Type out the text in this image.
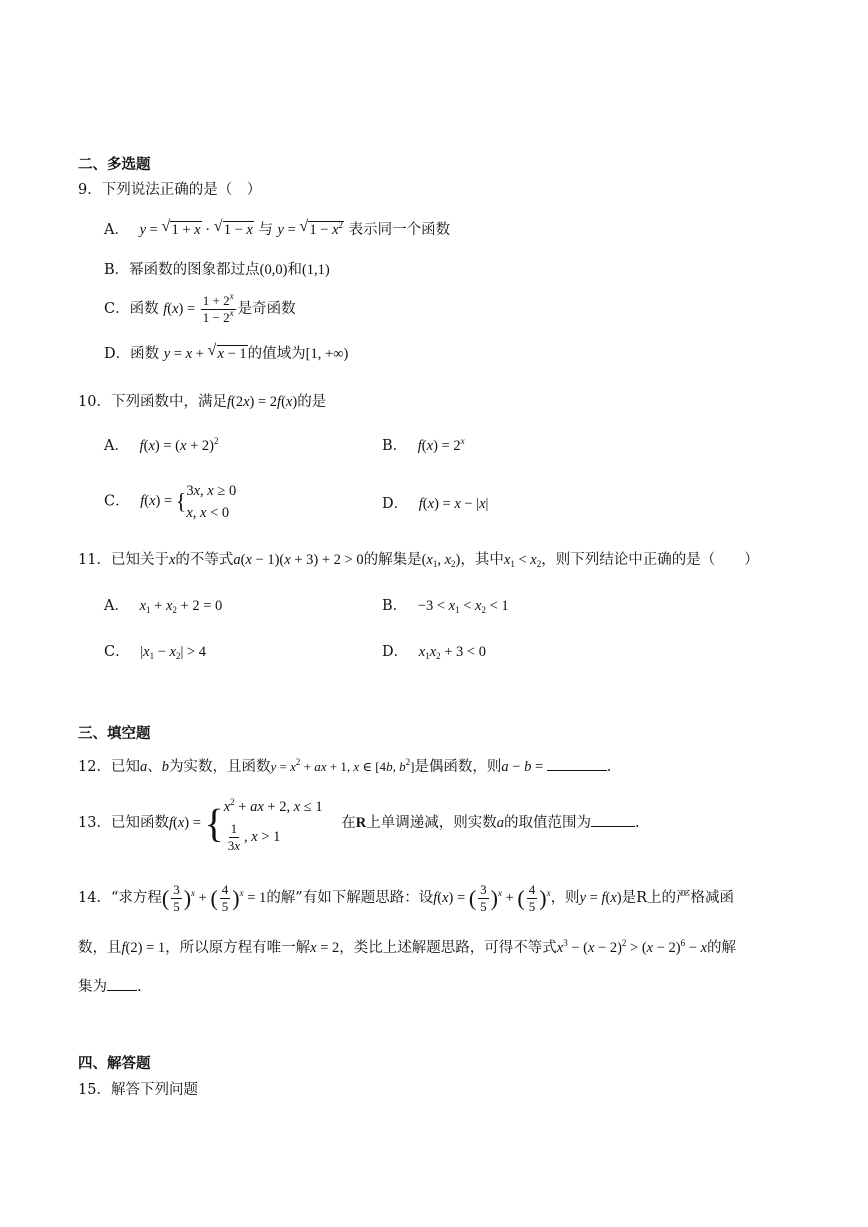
二、多选题
9．下列说法正确的是（　）
A． y = √ 1 + x · √ 1 − x 与 y = √ $1 - x^2$ 表示同一个函数
B．幂函数的图象都过点(0,0)和(1,1)
C．函数 $f(x) = \frac{1 + 2^x}{1 - 2^x}$ 是奇函数
D．函数 y = x + √ x − 1的值域为[1, +∞)
10．下列函数中，满足f(2x) = 2f(x)的是
A． $f(x) = (x + 2)^2$	B． $f(x) = 2^x$
C． f(x) = { 3x, x ≥ 0
x, x < 0
D． f(x) = x − |x|
11．已知关于x的不等式a(x − 1)(x + 3) + 2 > 0的解集是($x_1$, $x_2$)，其中$x_1 < x_2$，则下列结论中正确的是（　　）
A． $x_1 + x_2 + 2 = 0$	B． $-3 < x_1 < x_2 < 1$
C． $|x_1 - x_2| > 4$	D． $x_1x_2 + 3 < 0$
三、填空题
12．已知a、b为实数，且函数$y = x^2$ + ax + 1, x ∈ [4b, $b^2$]是偶函数，则a − b =	.
13．已知函数f(x) = { $x^2$ + ax + 2, x ≤ 1
$\frac{1}{3x}$ , x > 1
在R上单调递减，则实数a的取值范围为	.
14．“求方程( $\frac{3}{5} )^x$ + ( $\frac{4}{5} )^x = 1$的解”有如下解题思路：设f(x) = ( $\frac{3}{5} )^x$ + ( $\frac{4}{5} )^x$，则y = f(x)是R上的严格减函
数，且f(2) = 1，所以原方程有唯一解x = 2，类比上述解题思路，可得不等式$x^3 - (x - 2)^2 > (x - 2)^6 - x$的解
集为 .
四、解答题
15．解答下列问题
